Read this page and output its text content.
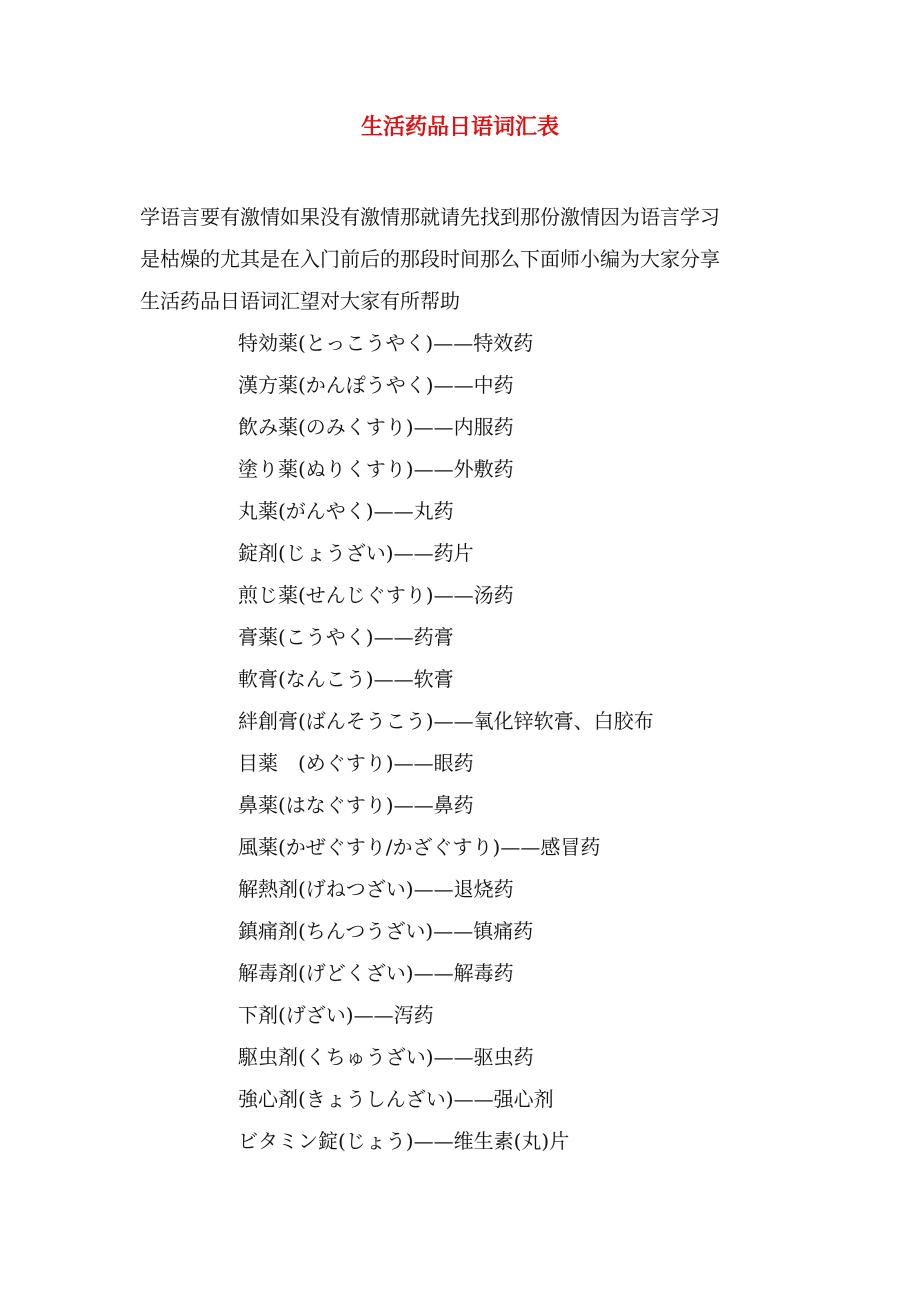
生活药品日语词汇表

学语言要有激情如果没有激情那就请先找到那份激情因为语言学习
是枯燥的尤其是在入门前后的那段时间那么下面师小编为大家分享
生活药品日语词汇望对大家有所帮助

特効薬(とっこうやく)——特效药
漢方薬(かんぽうやく)——中药
飲み薬(のみくすり)——内服药
塗り薬(ぬりくすり)——外敷药
丸薬(がんやく)——丸药
錠剤(じょうざい)——药片
煎じ薬(せんじぐすり)——汤药
膏薬(こうやく)——药膏
軟膏(なんこう)——软膏
絆創膏(ばんそうこう)——氧化锌软膏、白胶布
目薬　(めぐすり)——眼药
鼻薬(はなぐすり)——鼻药
風薬(かぜぐすり/かざぐすり)——感冒药
解熱剤(げねつざい)——退烧药
鎮痛剤(ちんつうざい)——镇痛药
解毒剤(げどくざい)——解毒药
下剤(げざい)——泻药
駆虫剤(くちゅうざい)——驱虫药
強心剤(きょうしんざい)——强心剂
ビタミン錠(じょう)——维生素(丸)片
